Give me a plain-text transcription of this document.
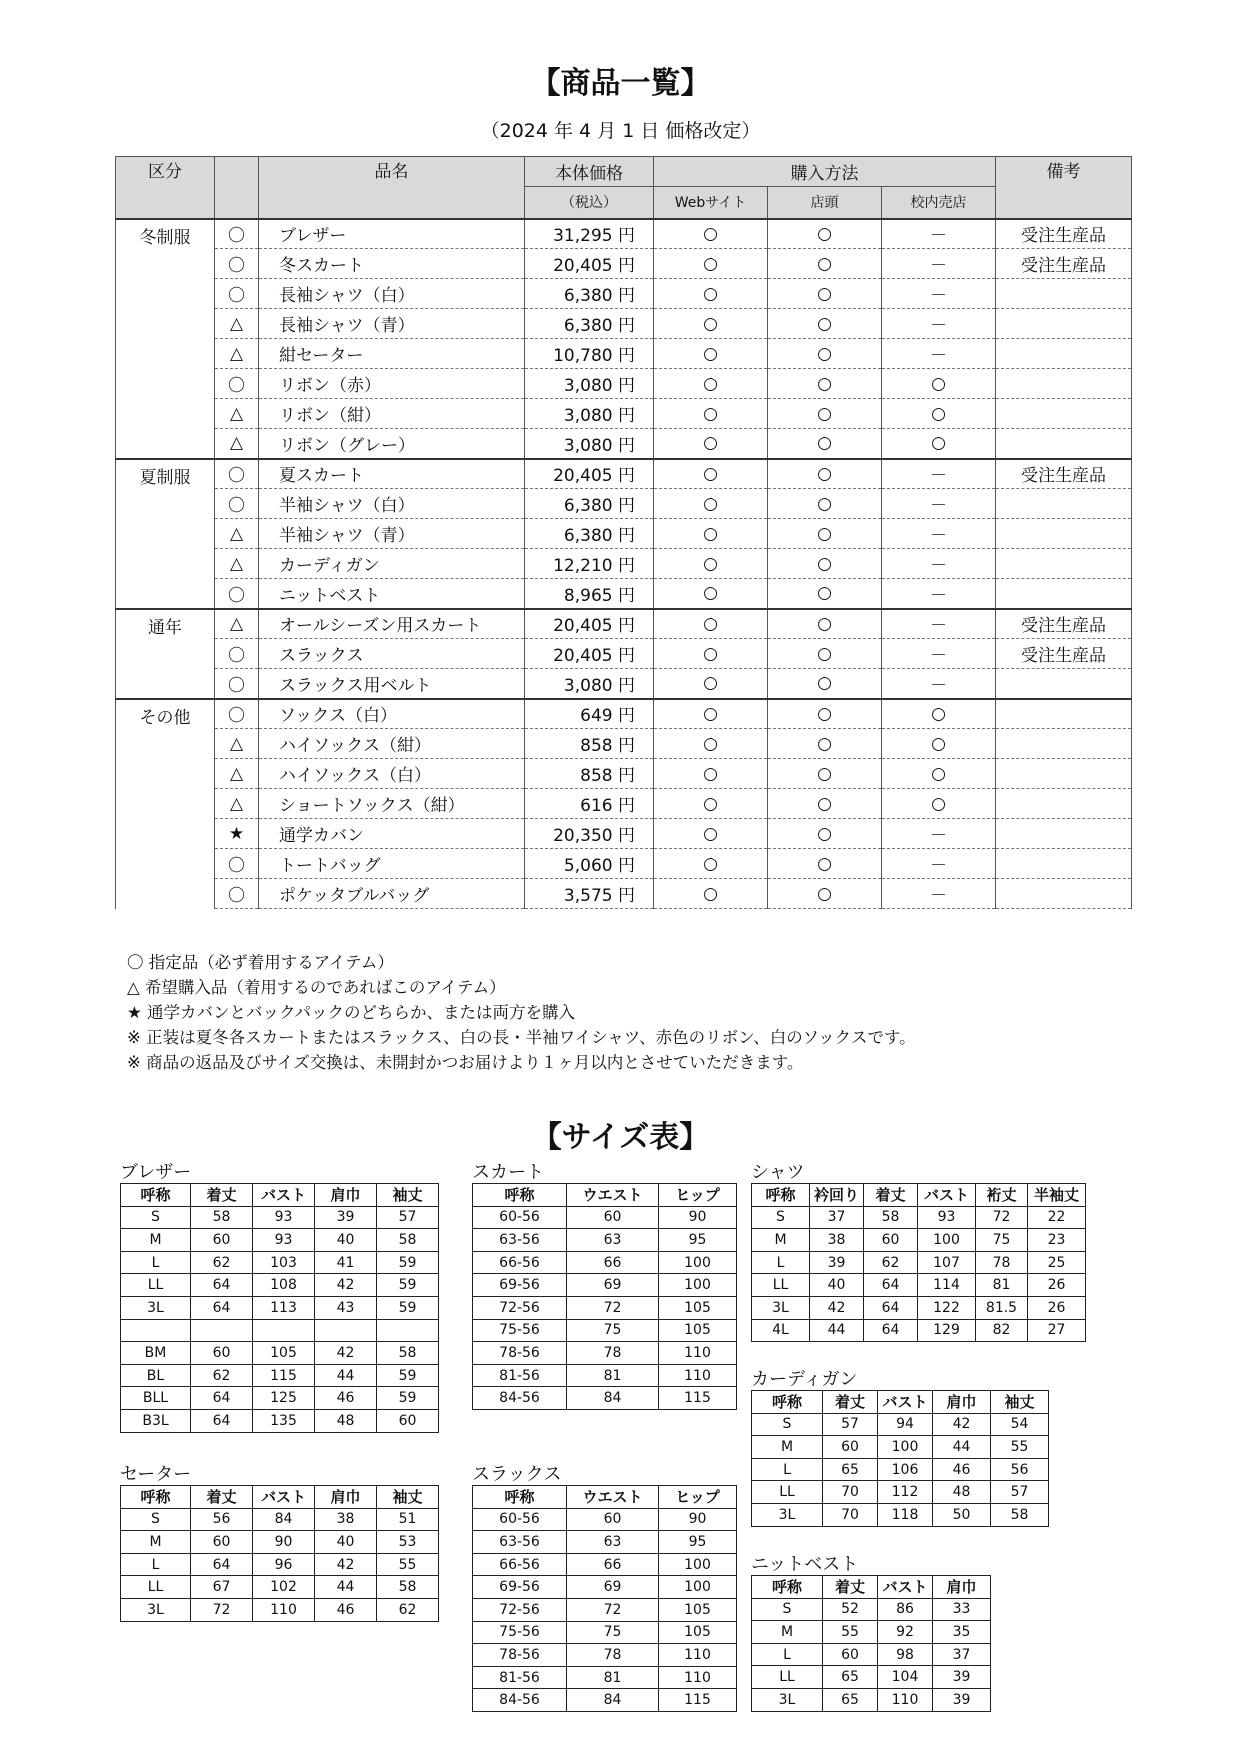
【商品一覧】
（2024 年 4 月 1 日 価格改定）
区分		品名	本体価格	購入方法			備考
			（税込）	Webサイト	店頭	校内売店	
冬制服	〇	ブレザー	31,295 円	○	○	－	受注生産品
	〇	冬スカート	20,405 円	○	○	－	受注生産品
	〇	長袖シャツ（白）	6,380 円	○	○	－	
	△	長袖シャツ（青）	6,380 円	○	○	－	
	△	紺セーター	10,780 円	○	○	－	
	〇	リボン（赤）	3,080 円	○	○	○	
	△	リボン（紺）	3,080 円	○	○	○	
	△	リボン（グレー）	3,080 円	○	○	○	
夏制服	〇	夏スカート	20,405 円	○	○	－	受注生産品
	〇	半袖シャツ（白）	6,380 円	○	○	－	
	△	半袖シャツ（青）	6,380 円	○	○	－	
	△	カーディガン	12,210 円	○	○	－	
	〇	ニットベスト	8,965 円	○	○	－	
通年	△	オールシーズン用スカート	20,405 円	○	○	－	受注生産品
	〇	スラックス	20,405 円	○	○	－	受注生産品
	〇	スラックス用ベルト	3,080 円	○	○	－	
その他	〇	ソックス（白）	649 円	○	○	○	
	△	ハイソックス（紺）	858 円	○	○	○	
	△	ハイソックス（白）	858 円	○	○	○	
	△	ショートソックス（紺）	616 円	○	○	○	
	★	通学カバン	20,350 円	○	○	－	
	〇	トートバッグ	5,060 円	○	○	－	
	〇	ポケッタブルバッグ	3,575 円	○	○	－	
〇 指定品（必ず着用するアイテム）
△ 希望購入品（着用するのであればこのアイテム）
★ 通学カバンとバックパックのどちらか、または両方を購入
※ 正装は夏冬各スカートまたはスラックス、白の長・半袖ワイシャツ、赤色のリボン、白のソックスです。
※ 商品の返品及びサイズ交換は、未開封かつお届けより１ヶ月以内とさせていただきます。
【サイズ表】
ブレザー
呼称	着丈	バスト	肩巾	袖丈
S	58	93	39	57
M	60	93	40	58
L	62	103	41	59
LL	64	108	42	59
3L	64	113	43	59

BM	60	105	42	58
BL	62	115	44	59
BLL	64	125	46	59
B3L	64	135	48	60
スカート
呼称	ウエスト	ヒップ
60-56	60	90
63-56	63	95
66-56	66	100
69-56	69	100
72-56	72	105
75-56	75	105
78-56	78	110
81-56	81	110
84-56	84	115
シャツ
呼称	衿回り	着丈	バスト	裄丈	半袖丈
S	37	58	93	72	22
M	38	60	100	75	23
L	39	62	107	78	25
LL	40	64	114	81	26
3L	42	64	122	81.5	26
4L	44	64	129	82	27
カーディガン
呼称	着丈	バスト	肩巾	袖丈
S	57	94	42	54
M	60	100	44	55
L	65	106	46	56
LL	70	112	48	57
3L	70	118	50	58
セーター
呼称	着丈	バスト	肩巾	袖丈
S	56	84	38	51
M	60	90	40	53
L	64	96	42	55
LL	67	102	44	58
3L	72	110	46	62
スラックス
呼称	ウエスト	ヒップ
60-56	60	90
63-56	63	95
66-56	66	100
69-56	69	100
72-56	72	105
75-56	75	105
78-56	78	110
81-56	81	110
84-56	84	115
ニットベスト
呼称	着丈	バスト	肩巾
S	52	86	33
M	55	92	35
L	60	98	37
LL	65	104	39
3L	65	110	39
